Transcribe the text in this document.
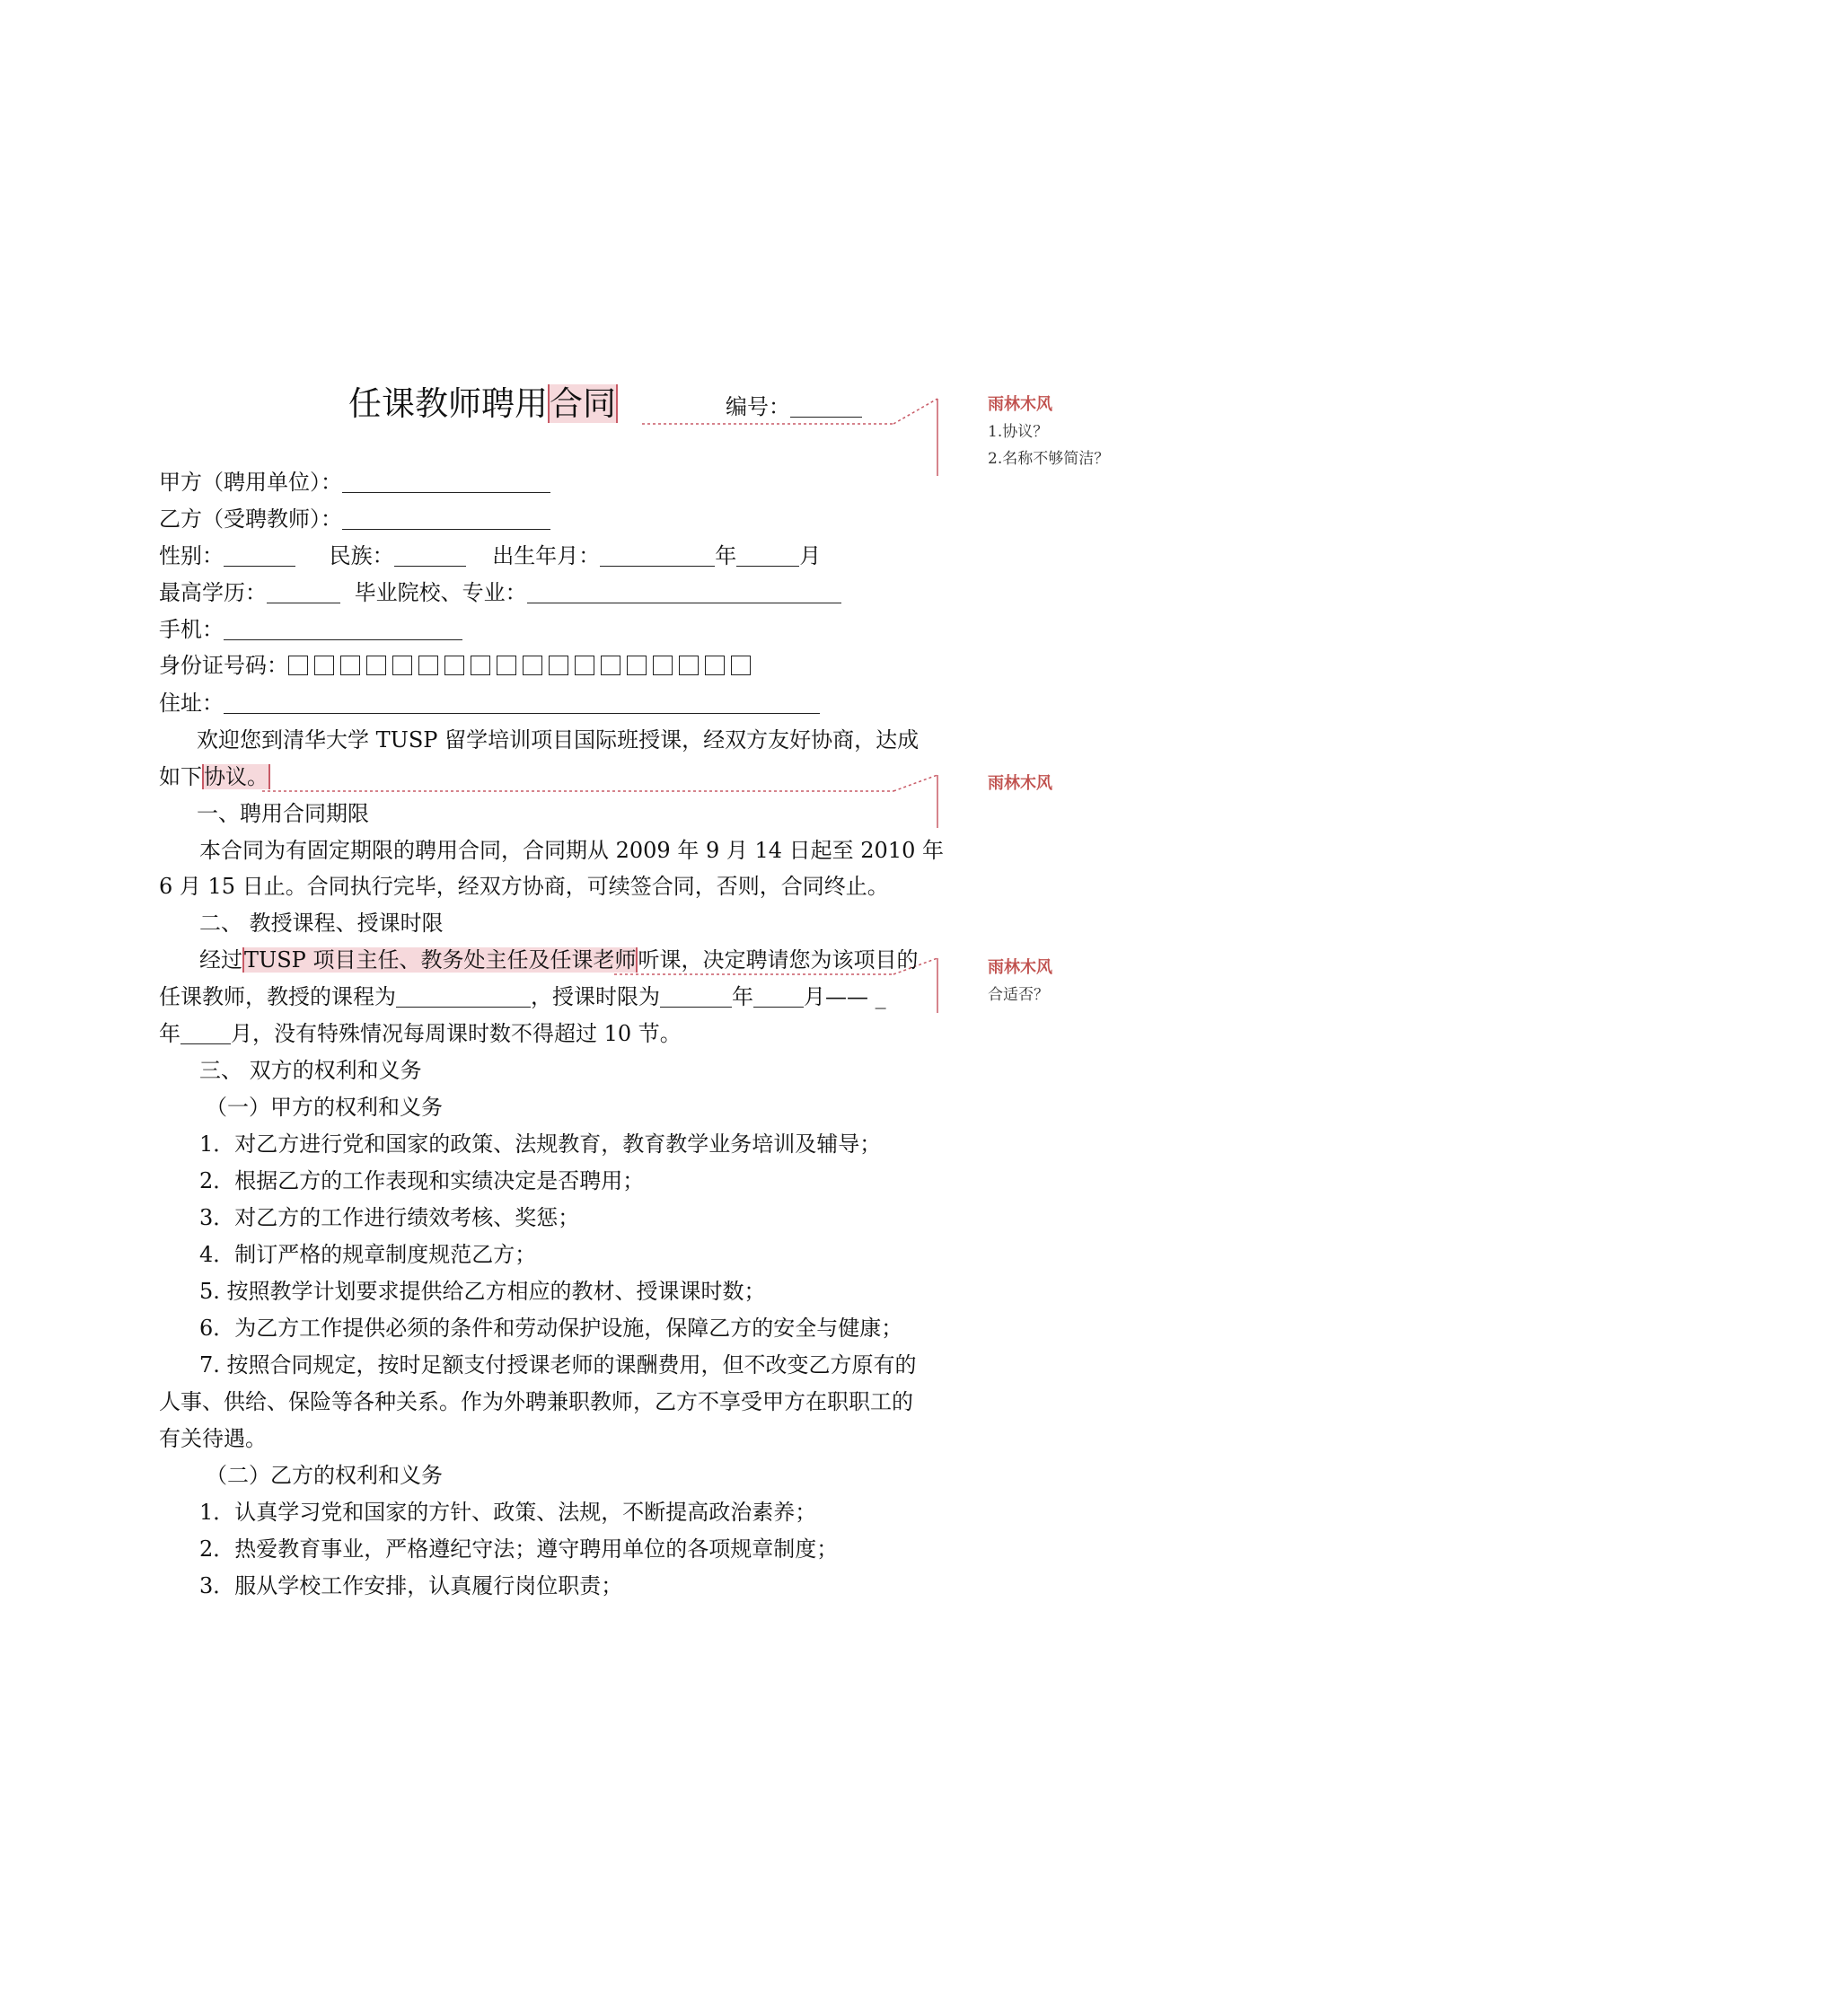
任课教师聘用合同	编号：
甲方（聘用单位）：
乙方（受聘教师）：
性别：	民族：	出生年月：	年	月
最高学历：	毕业院校、专业：
手机：
身份证号码：
住址：
欢迎您到清华大学 TUSP 留学培训项目国际班授课，经双方友好协商，达成
如下协议。
一、聘用合同期限
本合同为有固定期限的聘用合同，合同期从 2009 年 9 月 14 日起至 2010 年
6 月 15 日止。合同执行完毕，经双方协商，可续签合同，否则，合同终止。
二、 教授课程、授课时限
经过TUSP 项目主任、教务处主任及任课老师听课，决定聘请您为该项目的
任课教师，教授的课程为	，授课时限为	年 月—— _
年 月，没有特殊情况每周课时数不得超过 10 节。
三、 双方的权利和义务
（一）甲方的权利和义务
1．对乙方进行党和国家的政策、法规教育，教育教学业务培训及辅导；
2．根据乙方的工作表现和实绩决定是否聘用；
3．对乙方的工作进行绩效考核、奖惩；
4．制订严格的规章制度规范乙方；
5. 按照教学计划要求提供给乙方相应的教材、授课课时数；
6．为乙方工作提供必须的条件和劳动保护设施，保障乙方的安全与健康；
7. 按照合同规定，按时足额支付授课老师的课酬费用，但不改变乙方原有的
人事、供给、保险等各种关系。作为外聘兼职教师，乙方不享受甲方在职职工的
有关待遇。
（二）乙方的权利和义务
1．认真学习党和国家的方针、政策、法规，不断提高政治素养；
2．热爱教育事业，严格遵纪守法；遵守聘用单位的各项规章制度；
3．服从学校工作安排，认真履行岗位职责；
雨林木风
1.协议？
2.名称不够简洁？
雨林木风
雨林木风
合适否？
